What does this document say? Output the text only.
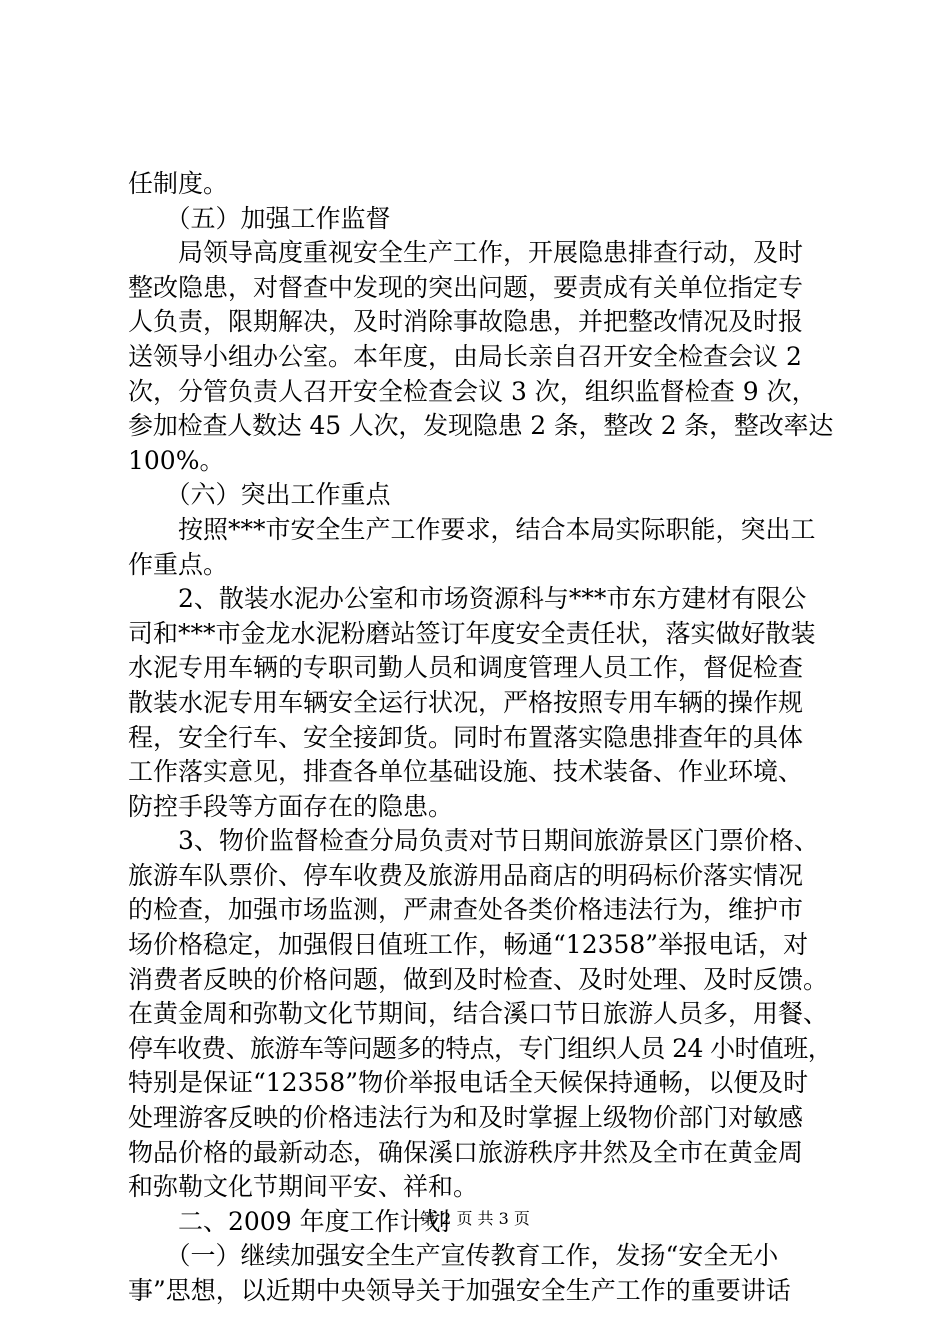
任制度。
　　（五）加强工作监督
　　局领导高度重视安全生产工作，开展隐患排查行动，及时
整改隐患，对督查中发现的突出问题，要责成有关单位指定专
人负责，限期解决，及时消除事故隐患，并把整改情况及时报
送领导小组办公室。本年度，由局长亲自召开安全检查会议 2
次，分管负责人召开安全检查会议 3 次，组织监督检查 9 次，
参加检查人数达 45 人次，发现隐患 2 条，整改 2 条，整改率达
100%。
　　（六）突出工作重点
　　按照***市安全生产工作要求，结合本局实际职能，突出工
作重点。
　　2、散装水泥办公室和市场资源科与***市东方建材有限公
司和***市金龙水泥粉磨站签订年度安全责任状，落实做好散装
水泥专用车辆的专职司勤人员和调度管理人员工作，督促检查
散装水泥专用车辆安全运行状况，严格按照专用车辆的操作规
程，安全行车、安全接卸货。同时布置落实隐患排查年的具体
工作落实意见，排查各单位基础设施、技术装备、作业环境、
防控手段等方面存在的隐患。
　　3、物价监督检查分局负责对节日期间旅游景区门票价格、
旅游车队票价、停车收费及旅游用品商店的明码标价落实情况
的检查，加强市场监测，严肃查处各类价格违法行为，维护市
场价格稳定，加强假日值班工作，畅通“12358”举报电话，对
消费者反映的价格问题，做到及时检查、及时处理、及时反馈。
在黄金周和弥勒文化节期间，结合溪口节日旅游人员多，用餐、
停车收费、旅游车等问题多的特点，专门组织人员 24 小时值班，
特别是保证“12358”物价举报电话全天候保持通畅，以便及时
处理游客反映的价格违法行为和及时掌握上级物价部门对敏感
物品价格的最新动态，确保溪口旅游秩序井然及全市在黄金周
和弥勒文化节期间平安、祥和。
　　二、2009 年度工作计划
　　（一）继续加强安全生产宣传教育工作，发扬“安全无小
事”思想，以近期中央领导关于加强安全生产工作的重要讲话
第 2 页 共 3 页
